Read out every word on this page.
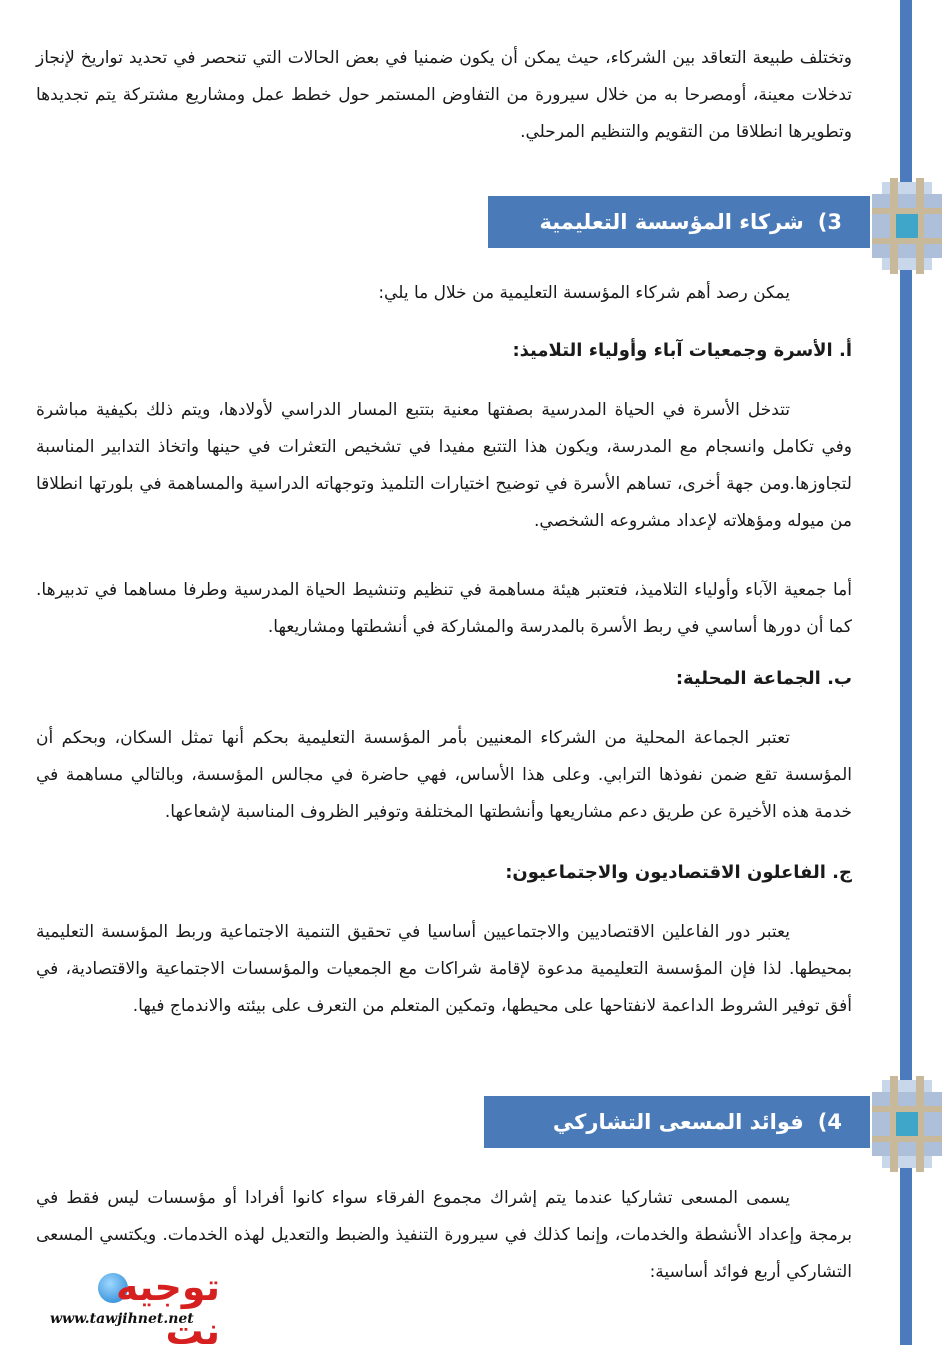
وتختلف طبيعة التعاقد بين الشركاء، حيث يمكن أن يكون ضمنيا في بعض الحالات التي تنحصر في تحديد تواريخ لإنجاز تدخلات معينة، أومصرحا به من خلال سيرورة من التفاوض المستمر حول خطط عمل ومشاريع مشتركة يتم تجديدها وتطويرها انطلاقا من التقويم والتنظيم المرحلي.

3)
شركاء المؤسسة التعليمية

يمكن رصد أهم شركاء المؤسسة التعليمية من خلال ما يلي:

أ. الأسرة وجمعيات آباء وأولياء التلاميذ:

تتدخل الأسرة في الحياة المدرسية بصفتها معنية بتتبع المسار الدراسي لأولادها، ويتم ذلك بكيفية مباشرة وفي تكامل وانسجام مع المدرسة، ويكون هذا التتبع مفيدا في تشخيص التعثرات في حينها واتخاذ التدابير المناسبة لتجاوزها.ومن جهة أخرى، تساهم الأسرة في توضيح اختيارات التلميذ وتوجهاته الدراسية والمساهمة في بلورتها انطلاقا من ميوله ومؤهلاته لإعداد مشروعه الشخصي.

أما جمعية الآباء وأولياء التلاميذ، فتعتبر هيئة مساهمة في تنظيم وتنشيط الحياة المدرسية وطرفا مساهما في تدبيرها. كما أن دورها أساسي في ربط الأسرة بالمدرسة والمشاركة في أنشطتها ومشاريعها.

ب. الجماعة المحلية:

تعتبر الجماعة المحلية من الشركاء المعنيين بأمر المؤسسة التعليمية بحكم أنها تمثل السكان، وبحكم أن المؤسسة تقع ضمن نفوذها الترابي. وعلى هذا الأساس، فهي حاضرة في مجالس المؤسسة، وبالتالي مساهمة في خدمة هذه الأخيرة عن طريق دعم مشاريعها وأنشطتها المختلفة وتوفير الظروف المناسبة لإشعاعها.

ج. الفاعلون الاقتصاديون والاجتماعيون:

يعتبر دور الفاعلين الاقتصاديين والاجتماعيين أساسيا في تحقيق التنمية الاجتماعية وربط المؤسسة التعليمية بمحيطها. لذا فإن المؤسسة التعليمية مدعوة لإقامة شراكات مع الجمعيات والمؤسسات الاجتماعية والاقتصادية، في أفق توفير الشروط الداعمة لانفتاحها على محيطها، وتمكين المتعلم من التعرف على بيئته والاندماج فيها.

4)
فوائد المسعى التشاركي

يسمى المسعى تشاركيا عندما يتم إشراك مجموع الفرقاء سواء كانوا أفرادا أو مؤسسات ليس فقط في برمجة وإعداد الأنشطة والخدمات، وإنما كذلك في سيرورة التنفيذ والضبط والتعديل لهذه الخدمات. ويكتسي المسعى التشاركي أربع فوائد أساسية:

توجيه نت
www.tawjihnet.net
